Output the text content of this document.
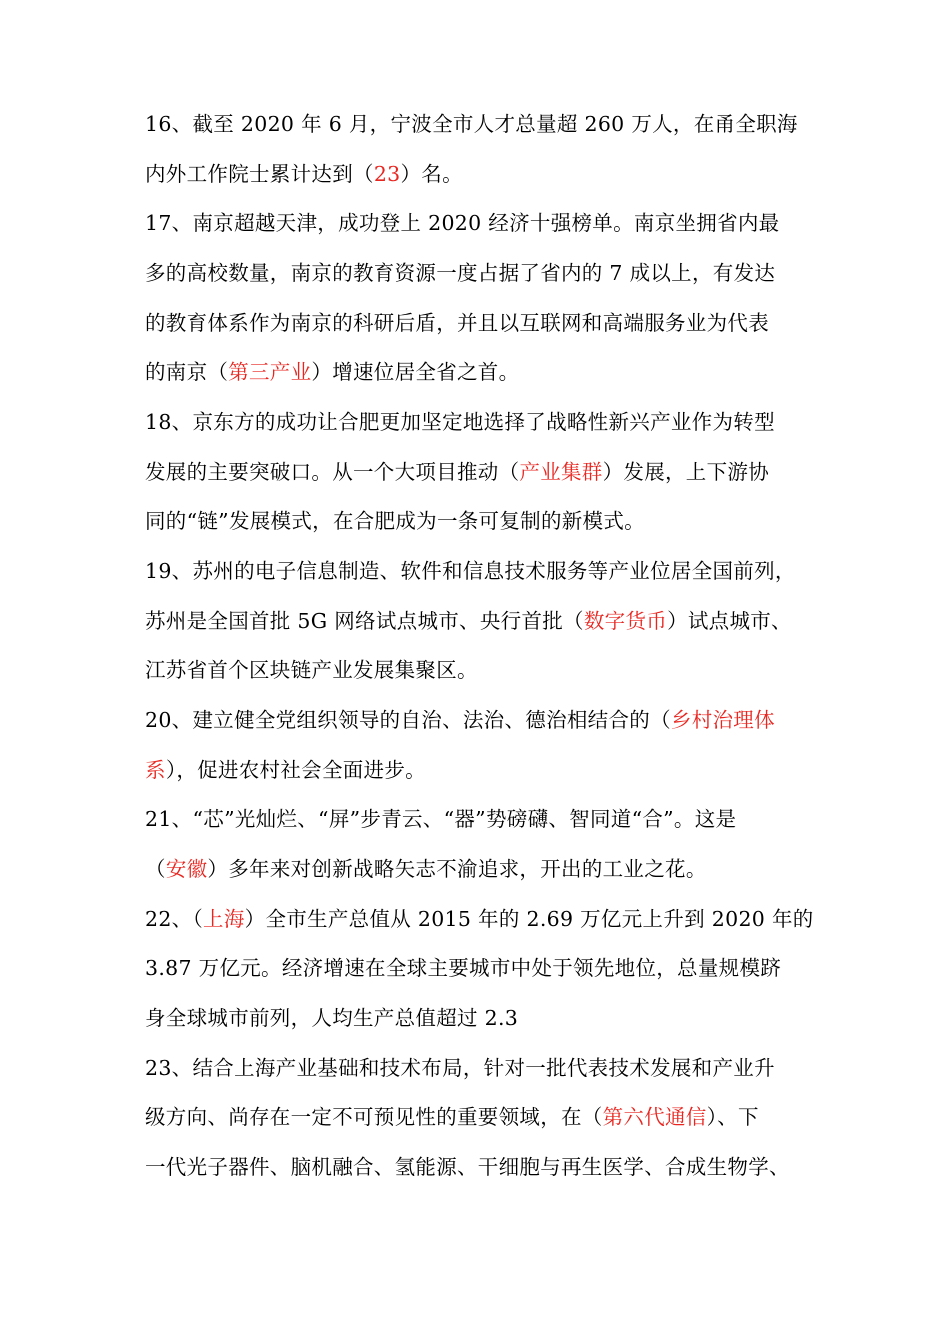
16、截至 2020 年 6 月，宁波全市人才总量超 260 万人，在甬全职海
内外工作院士累计达到（23）名。
17、南京超越天津，成功登上 2020 经济十强榜单。南京坐拥省内最
多的高校数量，南京的教育资源一度占据了省内的 7 成以上，有发达
的教育体系作为南京的科研后盾，并且以互联网和高端服务业为代表
的南京（第三产业）增速位居全省之首。
18、京东方的成功让合肥更加坚定地选择了战略性新兴产业作为转型
发展的主要突破口。从一个大项目推动（产业集群）发展，上下游协
同的“链”发展模式，在合肥成为一条可复制的新模式。
19、苏州的电子信息制造、软件和信息技术服务等产业位居全国前列，
苏州是全国首批 5G 网络试点城市、央行首批（数字货币）试点城市、
江苏省首个区块链产业发展集聚区。
20、建立健全党组织领导的自治、法治、德治相结合的（乡村治理体
系），促进农村社会全面进步。
21、“芯”光灿烂、“屏”步青云、“器”势磅礴、智同道“合”。这是
（安徽）多年来对创新战略矢志不渝追求，开出的工业之花。
22、（上海）全市生产总值从 2015 年的 2.69 万亿元上升到 2020 年的
3.87 万亿元。经济增速在全球主要城市中处于领先地位，总量规模跻
身全球城市前列，人均生产总值超过 2.3
23、结合上海产业基础和技术布局，针对一批代表技术发展和产业升
级方向、尚存在一定不可预见性的重要领域，在（第六代通信）、下
一代光子器件、脑机融合、氢能源、干细胞与再生医学、合成生物学、
